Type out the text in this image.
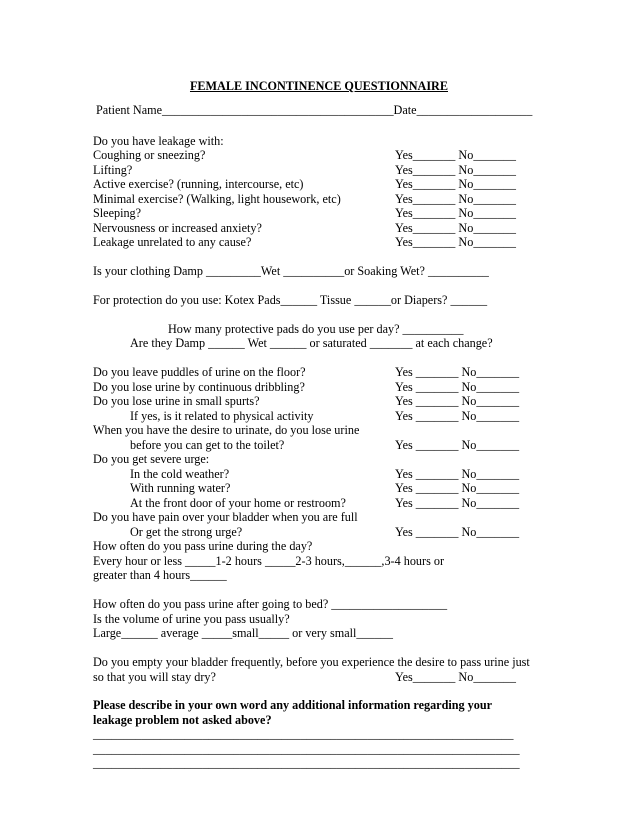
FEMALE INCONTINENCE QUESTIONNAIRE
Patient Name______________________________________Date___________________
Do you have leakage with:
Coughing or sneezing?	Yes_______ No_______
Lifting?	Yes_______ No_______
Active exercise? (running, intercourse, etc)	Yes_______ No_______
Minimal exercise? (Walking, light housework, etc)	Yes_______ No_______
Sleeping?	Yes_______ No_______
Nervousness or increased anxiety?	Yes_______ No_______
Leakage unrelated to any cause?	Yes_______ No_______
Is your clothing Damp _________Wet __________or Soaking Wet? __________
For protection do you use: Kotex Pads______ Tissue ______or Diapers? ______
How many protective pads do you use per day? __________
Are they Damp ______ Wet ______ or saturated _______ at each change?
Do you leave puddles of urine on the floor?	Yes _______ No_______
Do you lose urine by continuous dribbling?	Yes _______ No_______
Do you lose urine in small spurts?	Yes _______ No_______
If yes, is it related to physical activity	Yes _______ No_______
When you have the desire to urinate, do you lose urine
before you can get to the toilet?	Yes _______ No_______
Do you get severe urge:
In the cold weather?	Yes _______ No_______
With running water?	Yes _______ No_______
At the front door of your home or restroom?	Yes _______ No_______
Do you have pain over your bladder when you are full
Or get the strong urge?	Yes _______ No_______
How often do you pass urine during the day?
Every hour or less _____1-2 hours _____2-3 hours,______,3-4 hours or
greater than 4 hours______
How often do you pass urine after going to bed? ___________________
Is the volume of urine you pass usually?
Large______ average _____small_____ or very small______
Do you empty your bladder frequently, before you experience the desire to pass urine just
so that you will stay dry?	Yes_______ No_______
Please describe in your own word any additional information regarding your
leakage problem not asked above?
_____________________________________________________________________
______________________________________________________________________
______________________________________________________________________
